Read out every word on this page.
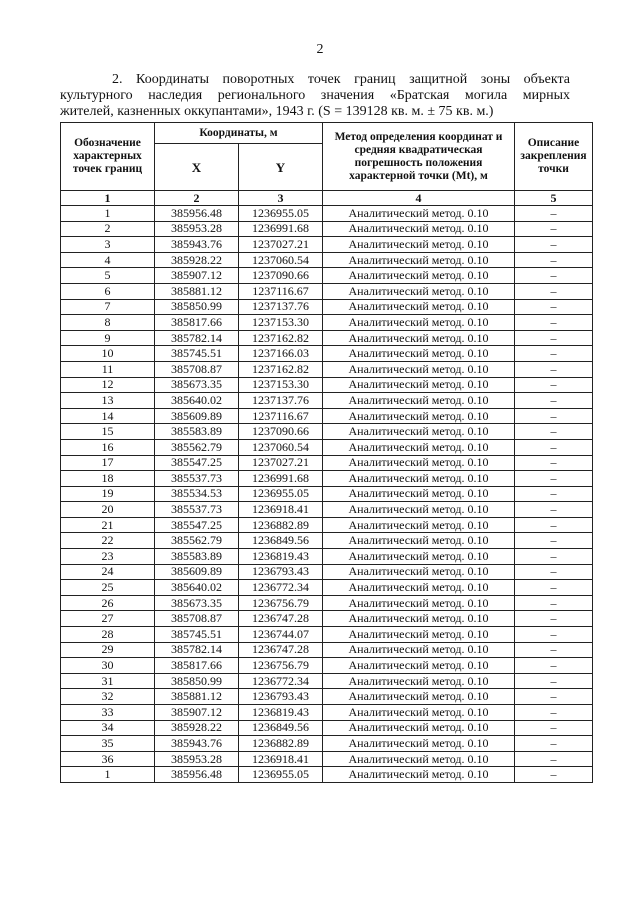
2
2. Координаты поворотных точек границ защитной зоны объекта
культурного наследия регионального значения «Братская могила мирных
жителей, казненных оккупантами», 1943 г. (S = 139128 кв. м. ± 75 кв. м.)
Обозначение характерных точек границ	Координаты, м		Метод определения координат и средняя квадратическая погрешность положения характерной точки (Mt), м	Описание закрепления точки
	X	Y		
1	2	3	4	5
1	385956.48	1236955.05	Аналитический метод. 0.10	–
2	385953.28	1236991.68	Аналитический метод. 0.10	–
3	385943.76	1237027.21	Аналитический метод. 0.10	–
4	385928.22	1237060.54	Аналитический метод. 0.10	–
5	385907.12	1237090.66	Аналитический метод. 0.10	–
6	385881.12	1237116.67	Аналитический метод. 0.10	–
7	385850.99	1237137.76	Аналитический метод. 0.10	–
8	385817.66	1237153.30	Аналитический метод. 0.10	–
9	385782.14	1237162.82	Аналитический метод. 0.10	–
10	385745.51	1237166.03	Аналитический метод. 0.10	–
11	385708.87	1237162.82	Аналитический метод. 0.10	–
12	385673.35	1237153.30	Аналитический метод. 0.10	–
13	385640.02	1237137.76	Аналитический метод. 0.10	–
14	385609.89	1237116.67	Аналитический метод. 0.10	–
15	385583.89	1237090.66	Аналитический метод. 0.10	–
16	385562.79	1237060.54	Аналитический метод. 0.10	–
17	385547.25	1237027.21	Аналитический метод. 0.10	–
18	385537.73	1236991.68	Аналитический метод. 0.10	–
19	385534.53	1236955.05	Аналитический метод. 0.10	–
20	385537.73	1236918.41	Аналитический метод. 0.10	–
21	385547.25	1236882.89	Аналитический метод. 0.10	–
22	385562.79	1236849.56	Аналитический метод. 0.10	–
23	385583.89	1236819.43	Аналитический метод. 0.10	–
24	385609.89	1236793.43	Аналитический метод. 0.10	–
25	385640.02	1236772.34	Аналитический метод. 0.10	–
26	385673.35	1236756.79	Аналитический метод. 0.10	–
27	385708.87	1236747.28	Аналитический метод. 0.10	–
28	385745.51	1236744.07	Аналитический метод. 0.10	–
29	385782.14	1236747.28	Аналитический метод. 0.10	–
30	385817.66	1236756.79	Аналитический метод. 0.10	–
31	385850.99	1236772.34	Аналитический метод. 0.10	–
32	385881.12	1236793.43	Аналитический метод. 0.10	–
33	385907.12	1236819.43	Аналитический метод. 0.10	–
34	385928.22	1236849.56	Аналитический метод. 0.10	–
35	385943.76	1236882.89	Аналитический метод. 0.10	–
36	385953.28	1236918.41	Аналитический метод. 0.10	–
1	385956.48	1236955.05	Аналитический метод. 0.10	–
